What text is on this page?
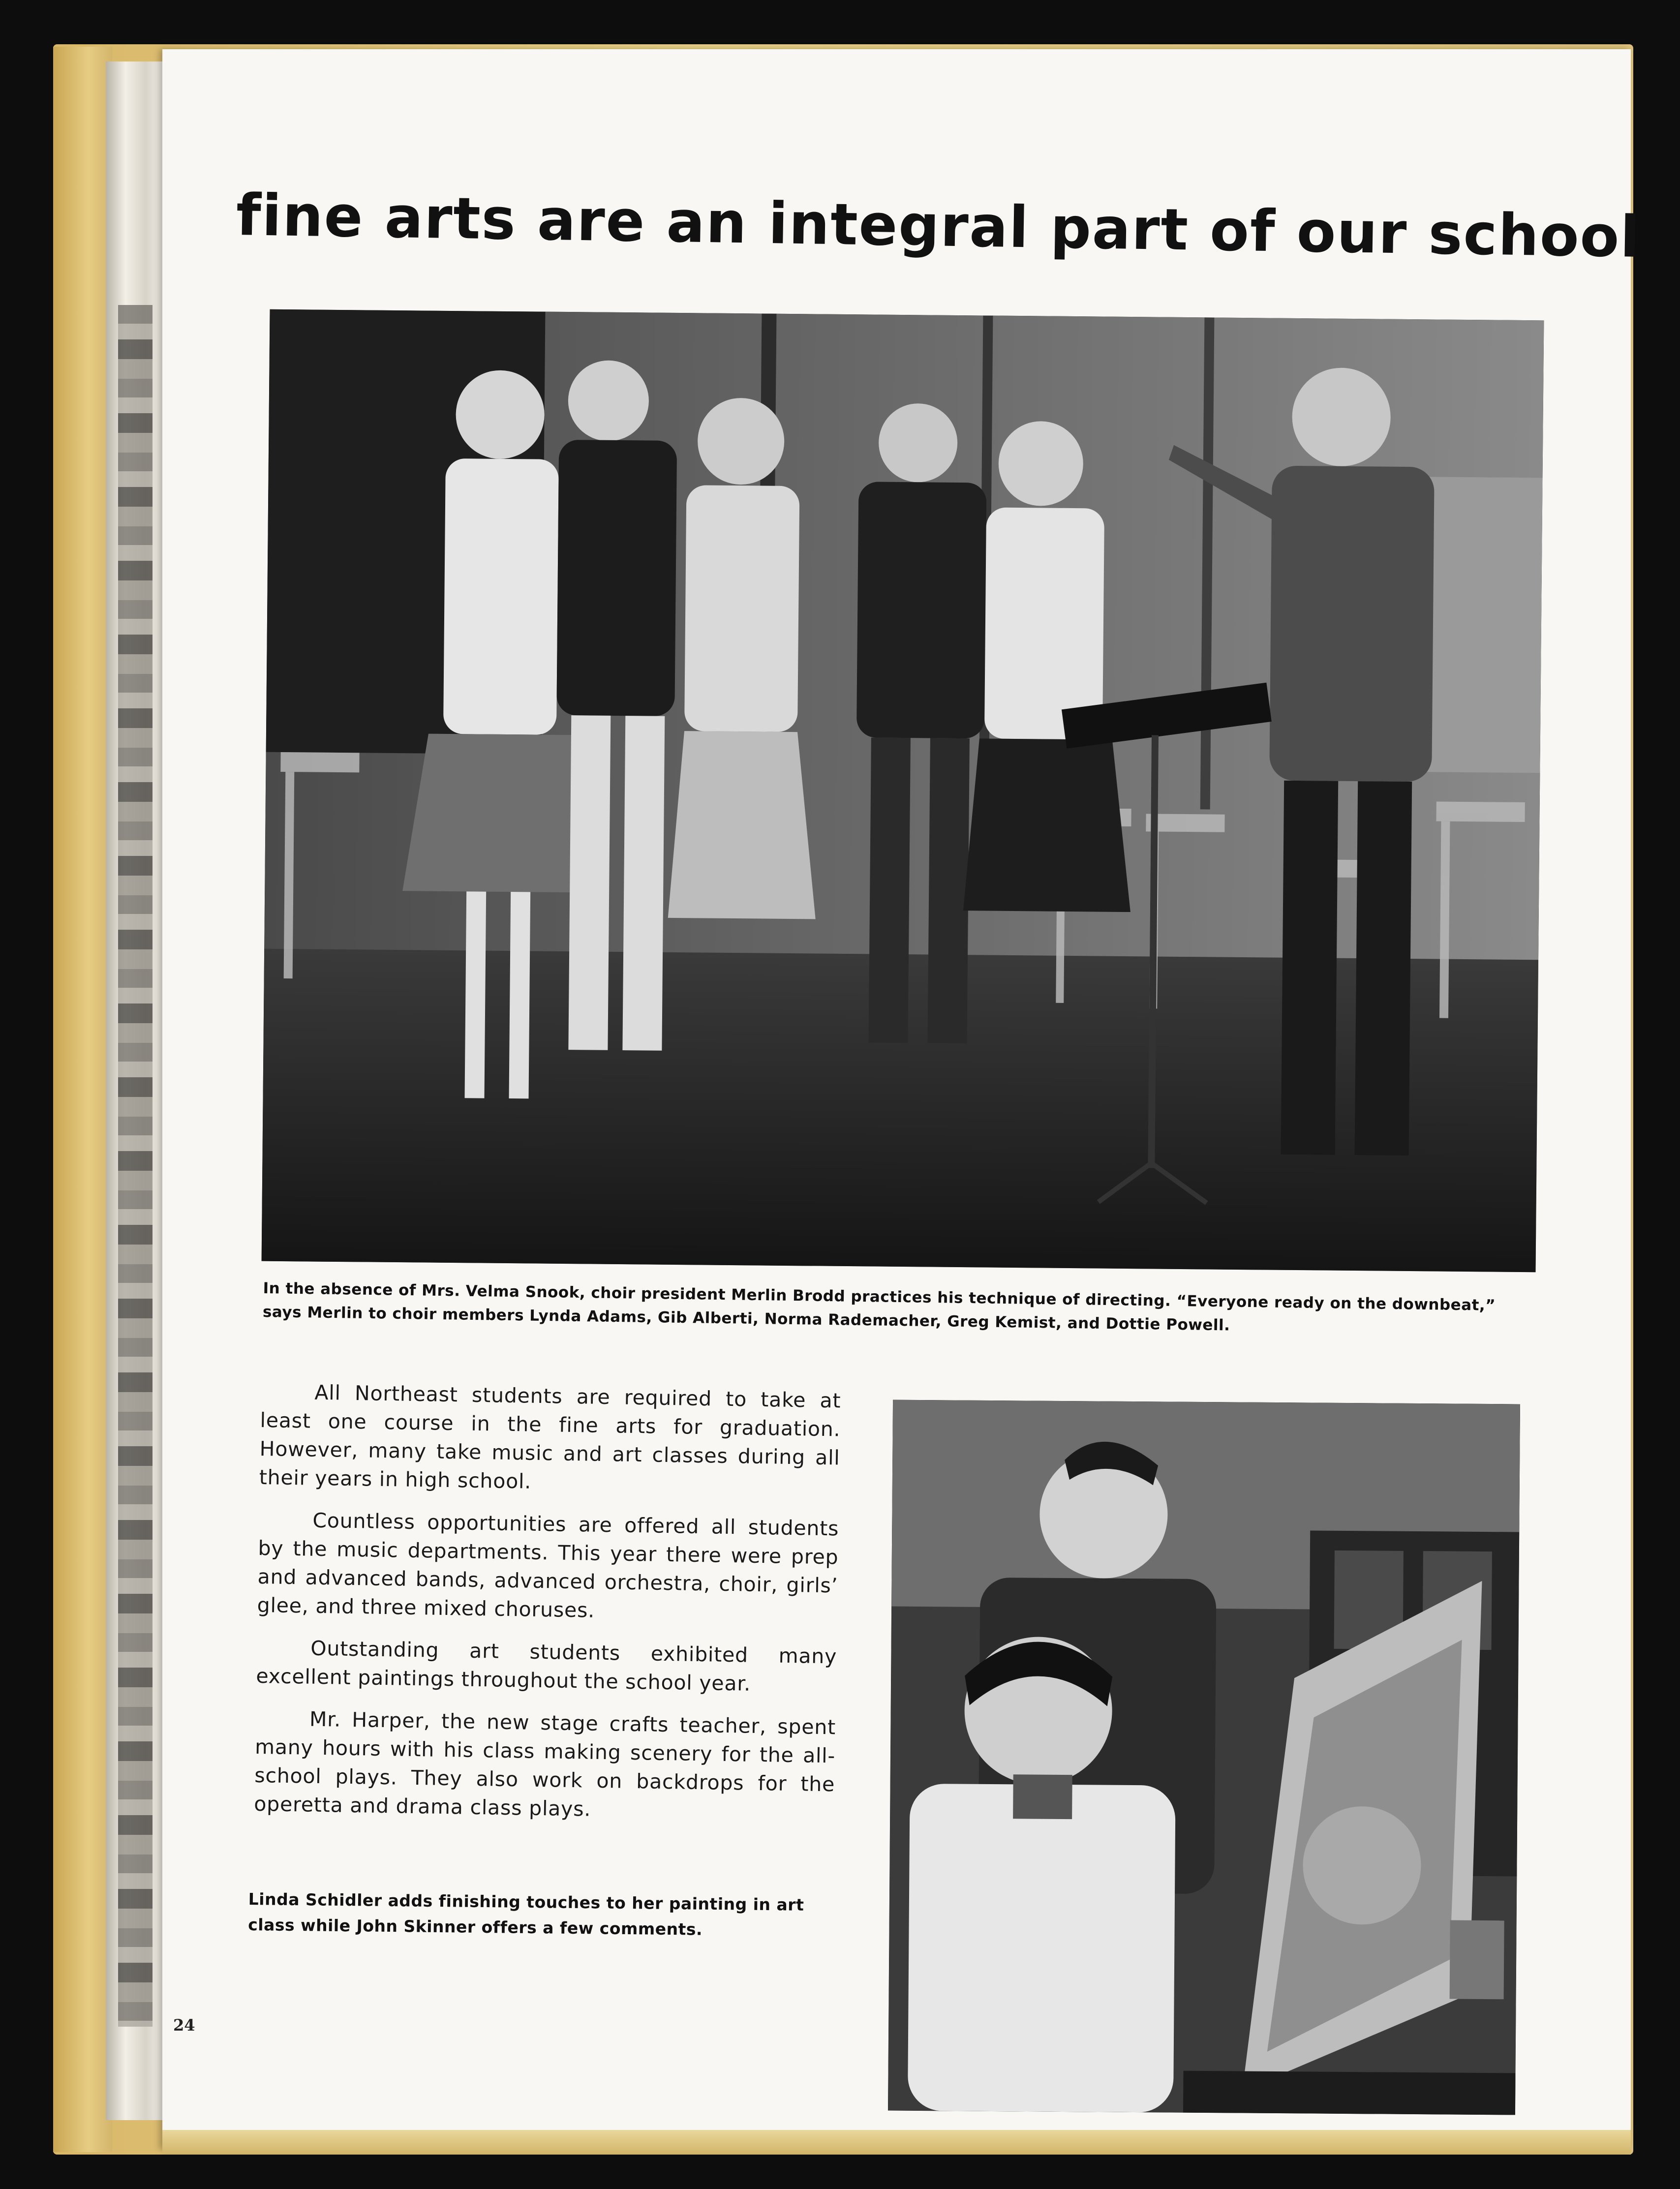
fine arts are an integral part of our school
In the absence of Mrs. Velma Snook, choir president Merlin Brodd practices his technique of directing. “Everyone ready on the downbeat,” says Merlin to choir members Lynda Adams, Gib Alberti, Norma Rademacher, Greg Kemist, and Dottie Powell.

All Northeast students are required to take at least one course in the fine arts for graduation. However, many take music and art classes during all their years in high school.

Countless opportunities are offered all students by the music departments. This year there were prep and advanced bands, advanced orchestra, choir, girls’ glee, and three mixed choruses.

Outstanding art students exhibited many excellent paintings throughout the school year.

Mr. Harper, the new stage crafts teacher, spent many hours with his class making scenery for the all-school plays. They also work on backdrops for the operetta and drama class plays.

Linda Schidler adds finishing touches to her painting in art class while John Skinner offers a few comments.
24
